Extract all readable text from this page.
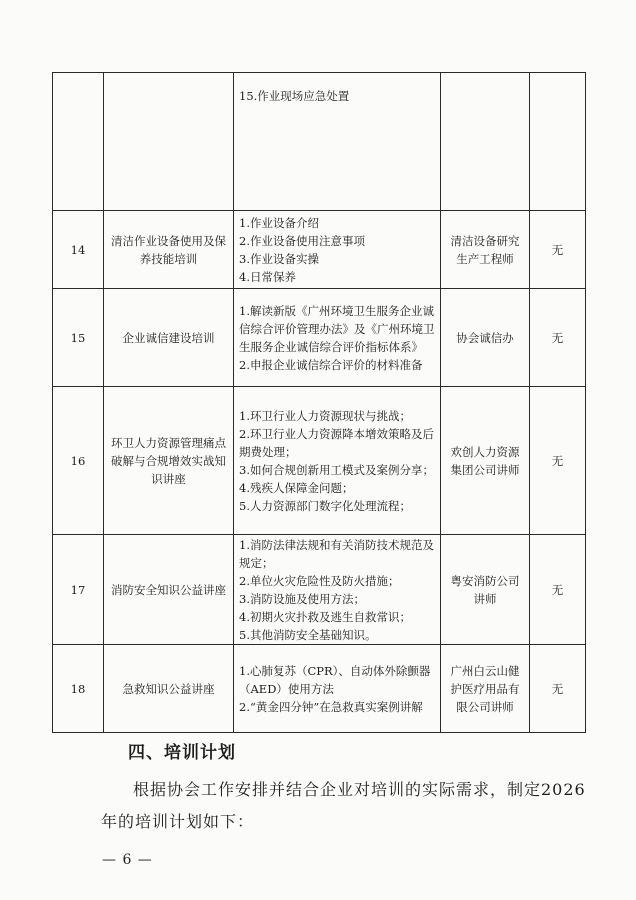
		15.作业现场应急处置		

14	清洁作业设备使用及保养技能培训	1.作业设备介绍
2.作业设备使用注意事项
3.作业设备实操
4.日常保养	清洁设备研究生产工程师	无
15	企业诚信建设培训	1.解读新版《广州环境卫生服务企业诚信综合评价管理办法》及《广州环境卫生服务企业诚信综合评价指标体系》
2.申报企业诚信综合评价的材料准备	协会诚信办	无
16	环卫人力资源管理痛点破解与合规增效实战知识讲座	1.环卫行业人力资源现状与挑战；
2.环卫行业人力资源降本增效策略及后期费处理；
3.如何合规创新用工模式及案例分享；
4.残疾人保障金问题；
5.人力资源部门数字化处理流程；	欢创人力资源集团公司讲师	无
17	消防安全知识公益讲座	1.消防法律法规和有关消防技术规范及规定；
2.单位火灾危险性及防火措施；
3.消防设施及使用方法；
4.初期火灾扑救及逃生自救常识；
5.其他消防安全基础知识。	粤安消防公司讲师	无
18	急救知识公益讲座	1.心肺复苏（CPR）、自动体外除颤器（AED）使用方法
2.“黄金四分钟”在急救真实案例讲解	广州白云山健护医疗用品有限公司讲师	无
四、培训计划
根据协会工作安排并结合企业对培训的实际需求，制定2026年的培训计划如下：
— 6 —
